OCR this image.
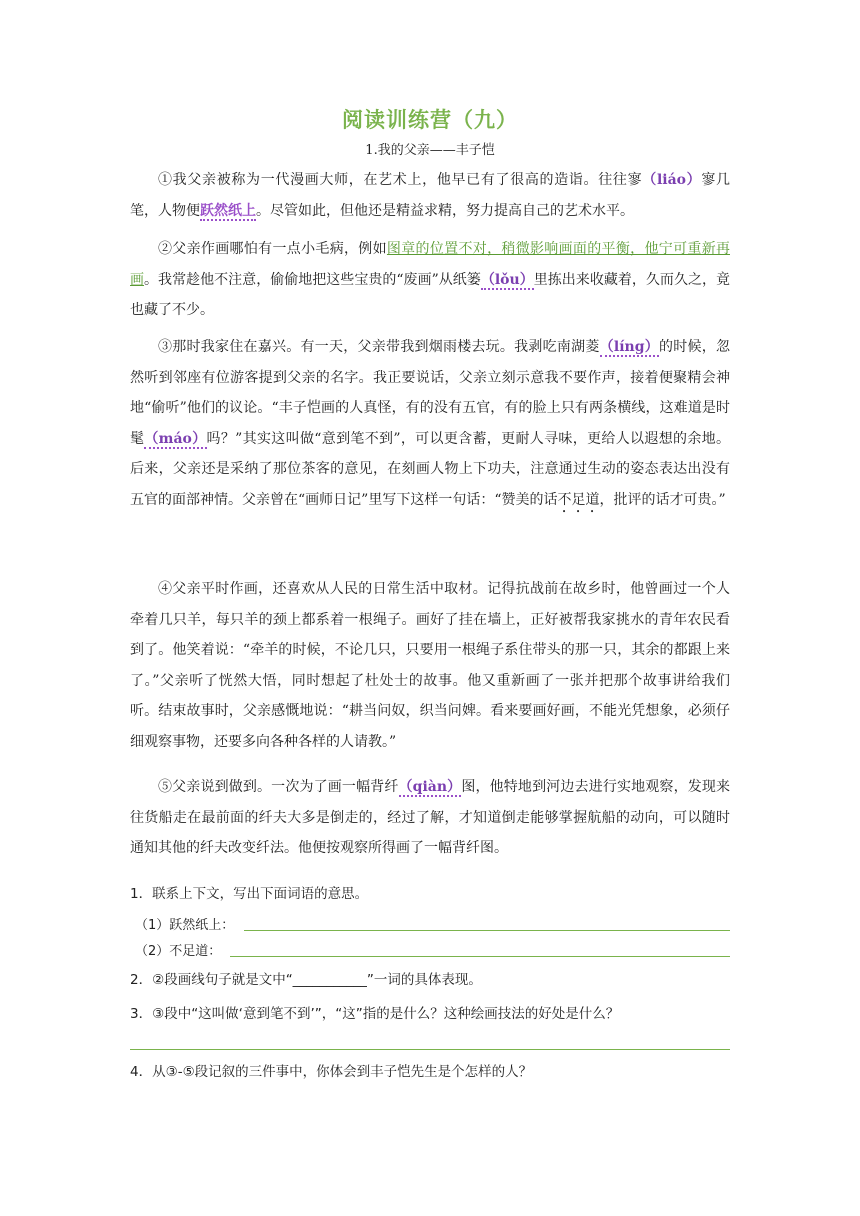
阅读训练营（九）
1.我的父亲——丰子恺
①我父亲被称为一代漫画大师，在艺术上，他早已有了很高的造诣。往往寥（liáo）寥几笔，人物便跃然纸上。尽管如此，但他还是精益求精，努力提高自己的艺术水平。
②父亲作画哪怕有一点小毛病，例如图章的位置不对，稍微影响画面的平衡，他宁可重新再画。我常趁他不注意，偷偷地把这些宝贵的“废画”从纸篓（lǒu）里拣出来收藏着，久而久之，竟也藏了不少。
③那时我家住在嘉兴。有一天，父亲带我到烟雨楼去玩。我剥吃南湖菱（líng）的时候，忽然听到邻座有位游客提到父亲的名字。我正要说话，父亲立刻示意我不要作声，接着便聚精会神地“偷听”他们的议论。“丰子恺画的人真怪，有的没有五官，有的脸上只有两条横线，这难道是时髦（máo）吗？”其实这叫做“意到笔不到”，可以更含蓄，更耐人寻味，更给人以遐想的余地。后来，父亲还是采纳了那位茶客的意见，在刻画人物上下功夫，注意通过生动的姿态表达出没有五官的面部神情。父亲曾在“画师日记”里写下这样一句话：“赞美的话不足道，批评的话才可贵。”
④父亲平时作画，还喜欢从人民的日常生活中取材。记得抗战前在故乡时，他曾画过一个人牵着几只羊，每只羊的颈上都系着一根绳子。画好了挂在墙上，正好被帮我家挑水的青年农民看到了。他笑着说：“牵羊的时候，不论几只，只要用一根绳子系住带头的那一只，其余的都跟上来了。”父亲听了恍然大悟，同时想起了杜处士的故事。他又重新画了一张并把那个故事讲给我们听。结束故事时，父亲感慨地说：“耕当问奴，织当问婢。看来要画好画，不能光凭想象，必须仔细观察事物，还要多向各种各样的人请教。”
⑤父亲说到做到。一次为了画一幅背纤（qiàn）图，他特地到河边去进行实地观察，发现来往货船走在最前面的纤夫大多是倒走的，经过了解，才知道倒走能够掌握航船的动向，可以随时通知其他的纤夫改变纤法。他便按观察所得画了一幅背纤图。
1．联系上下文，写出下面词语的意思。
（1）跃然纸上：
（2）不足道：
2．②段画线句子就是文中“___________”一词的具体表现。
3．③段中“这叫做‘意到笔不到’”，“这”指的是什么？这种绘画技法的好处是什么？
4．从③-⑤段记叙的三件事中，你体会到丰子恺先生是个怎样的人？
